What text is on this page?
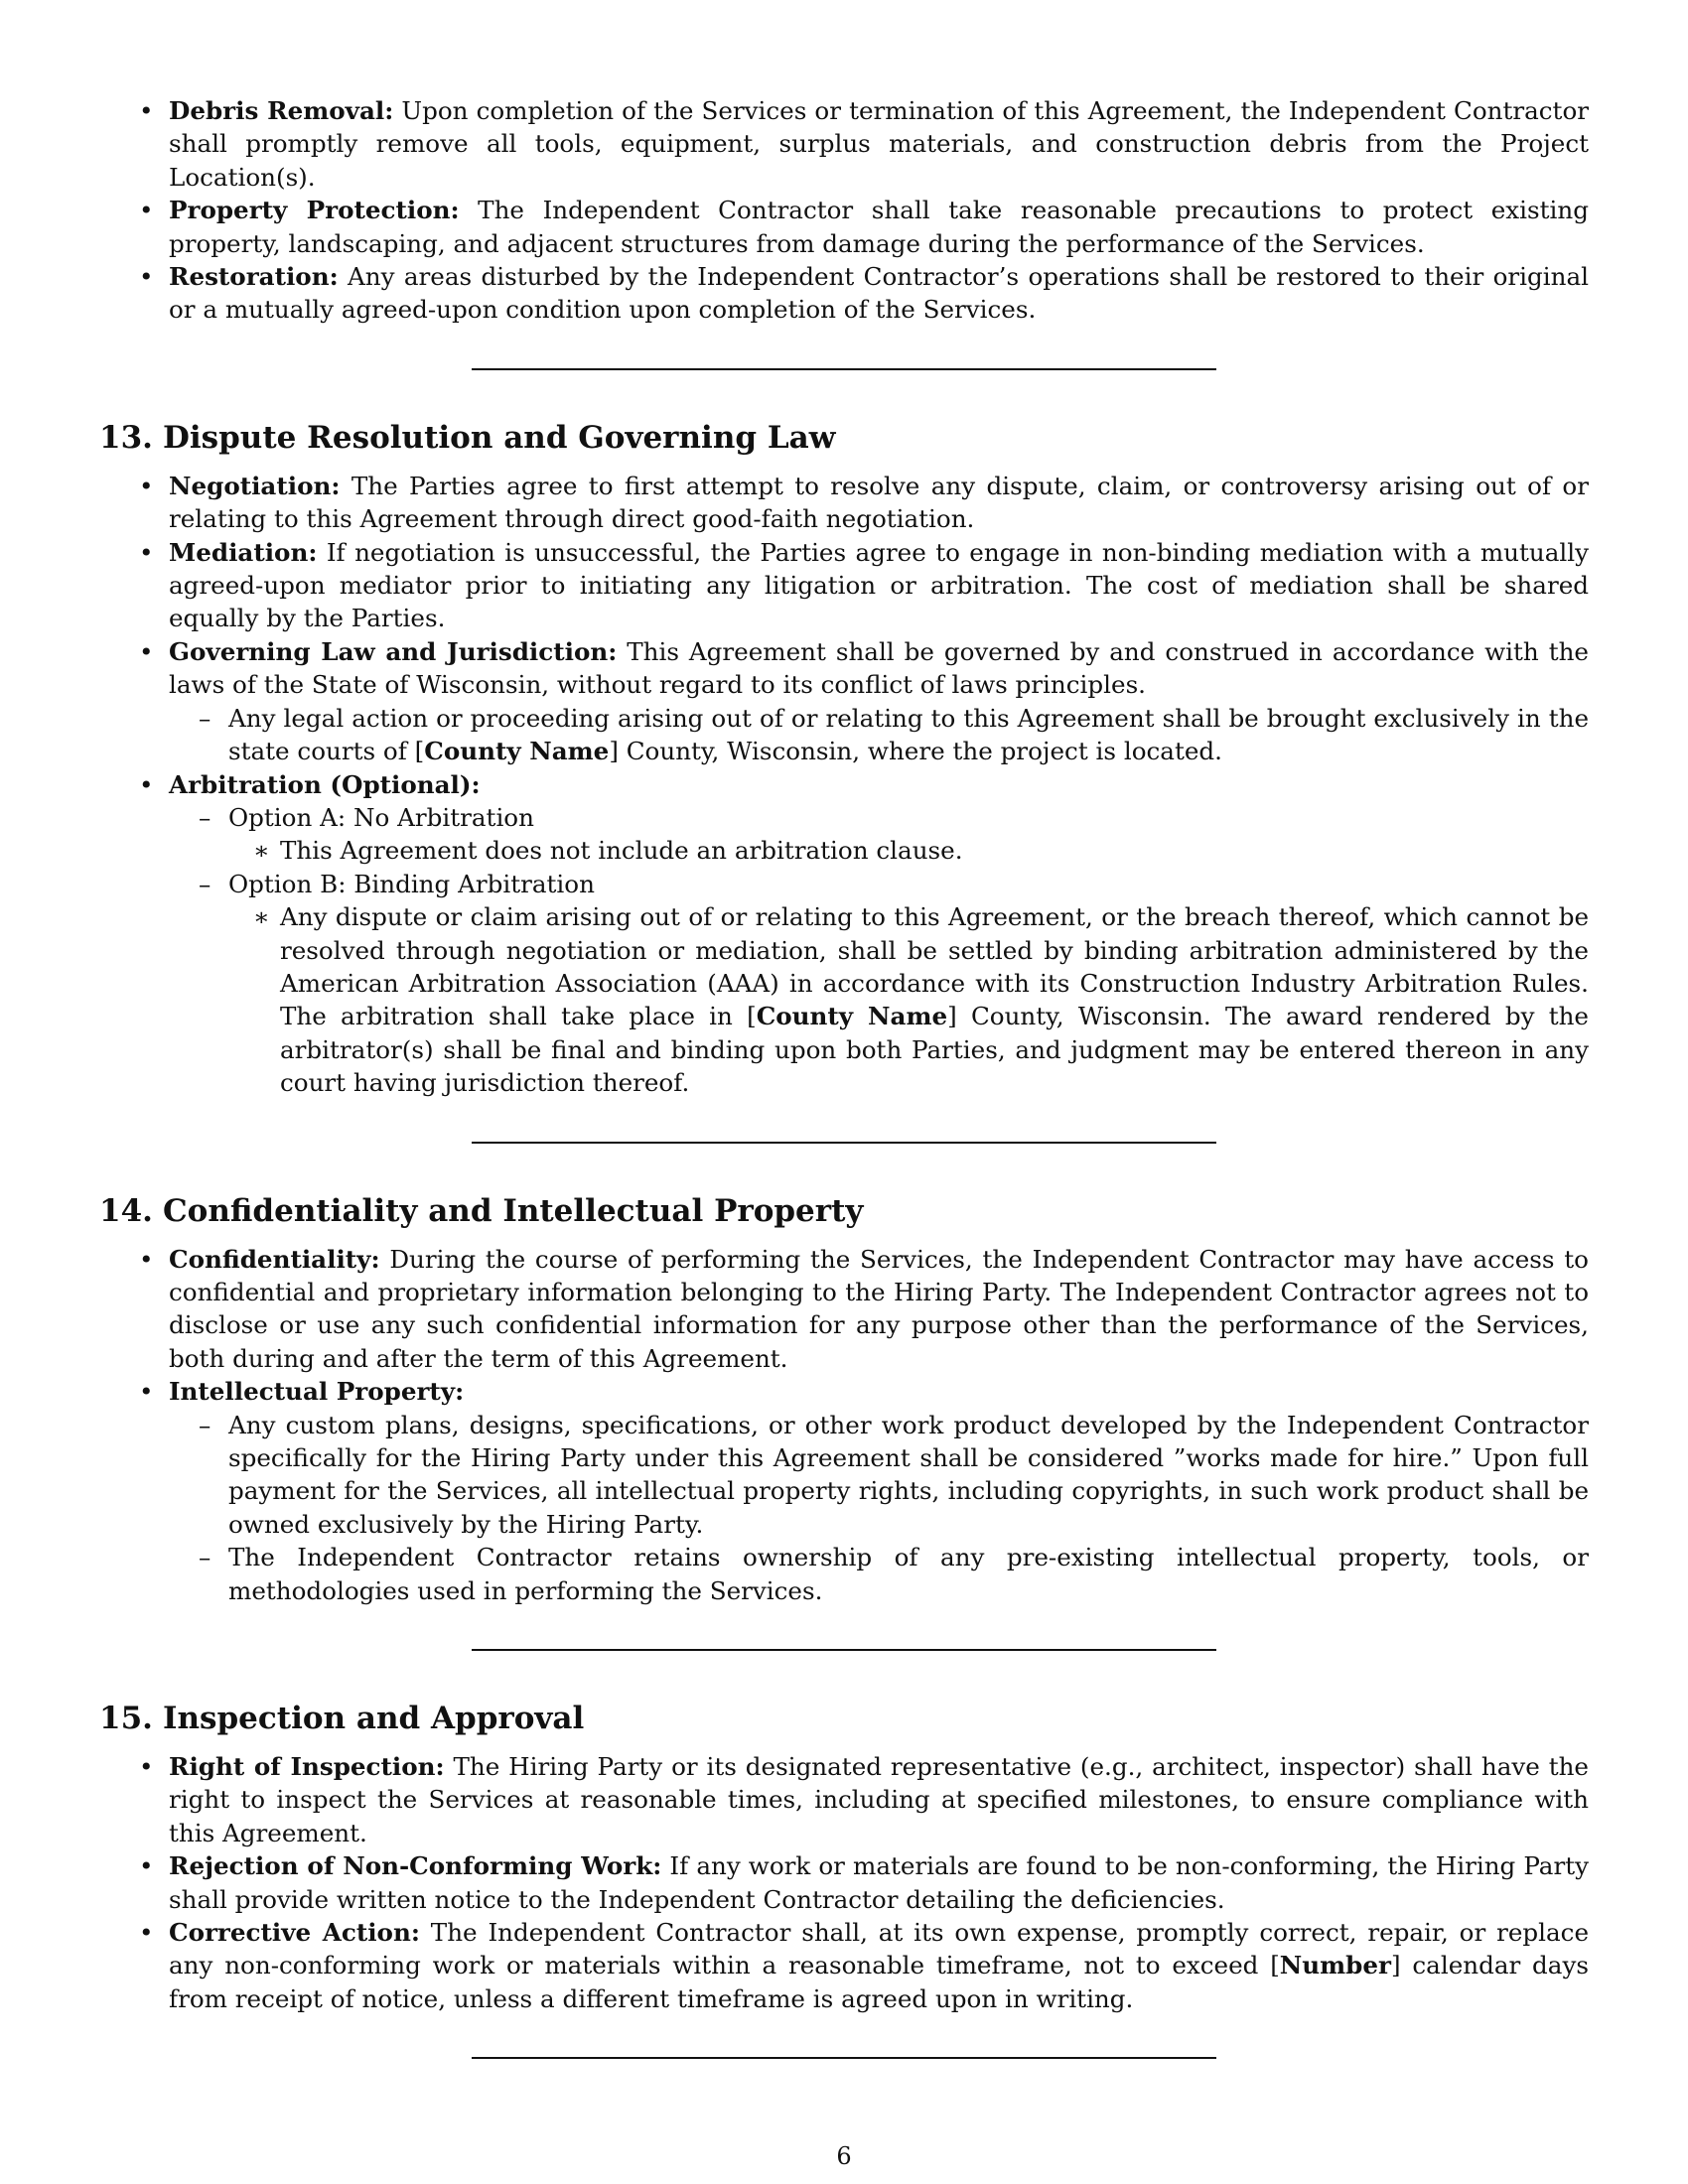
• Debris Removal: Upon completion of the Services or termination of this Agreement, the Independent Contractor shall promptly remove all tools, equipment, surplus materials, and construction debris from the Project Location(s).
• Property Protection: The Independent Contractor shall take reasonable precautions to protect existing property, landscaping, and adjacent structures from damage during the performance of the Services.
• Restoration: Any areas disturbed by the Independent Contractor’s operations shall be restored to their original or a mutually agreed-upon condition upon completion of the Services.
13. Dispute Resolution and Governing Law
• Negotiation: The Parties agree to first attempt to resolve any dispute, claim, or controversy arising out of or relating to this Agreement through direct good-faith negotiation.
• Mediation: If negotiation is unsuccessful, the Parties agree to engage in non-binding mediation with a mutually agreed-upon mediator prior to initiating any litigation or arbitration. The cost of mediation shall be shared equally by the Parties.
• Governing Law and Jurisdiction: This Agreement shall be governed by and construed in accordance with the laws of the State of Wisconsin, without regard to its conflict of laws principles.
– Any legal action or proceeding arising out of or relating to this Agreement shall be brought exclusively in the state courts of [County Name] County, Wisconsin, where the project is located.
• Arbitration (Optional):
– Option A: No Arbitration
∗ This Agreement does not include an arbitration clause.
– Option B: Binding Arbitration
∗ Any dispute or claim arising out of or relating to this Agreement, or the breach thereof, which cannot be resolved through negotiation or mediation, shall be settled by binding arbitration administered by the American Arbitration Association (AAA) in accordance with its Construction Industry Arbitration Rules. The arbitration shall take place in [County Name] County, Wisconsin. The award rendered by the arbitrator(s) shall be final and binding upon both Parties, and judgment may be entered thereon in any court having jurisdiction thereof.
14. Confidentiality and Intellectual Property
• Confidentiality: During the course of performing the Services, the Independent Contractor may have access to confidential and proprietary information belonging to the Hiring Party. The Independent Contractor agrees not to disclose or use any such confidential information for any purpose other than the performance of the Services, both during and after the term of this Agreement.
• Intellectual Property:
– Any custom plans, designs, specifications, or other work product developed by the Independent Contractor specifically for the Hiring Party under this Agreement shall be considered ”works made for hire.” Upon full payment for the Services, all intellectual property rights, including copyrights, in such work product shall be owned exclusively by the Hiring Party.
– The Independent Contractor retains ownership of any pre-existing intellectual property, tools, or methodologies used in performing the Services.
15. Inspection and Approval
• Right of Inspection: The Hiring Party or its designated representative (e.g., architect, inspector) shall have the right to inspect the Services at reasonable times, including at specified milestones, to ensure compliance with this Agreement.
• Rejection of Non-Conforming Work: If any work or materials are found to be non-conforming, the Hiring Party shall provide written notice to the Independent Contractor detailing the deficiencies.
• Corrective Action: The Independent Contractor shall, at its own expense, promptly correct, repair, or replace any non-conforming work or materials within a reasonable timeframe, not to exceed [Number] calendar days from receipt of notice, unless a different timeframe is agreed upon in writing.
6
